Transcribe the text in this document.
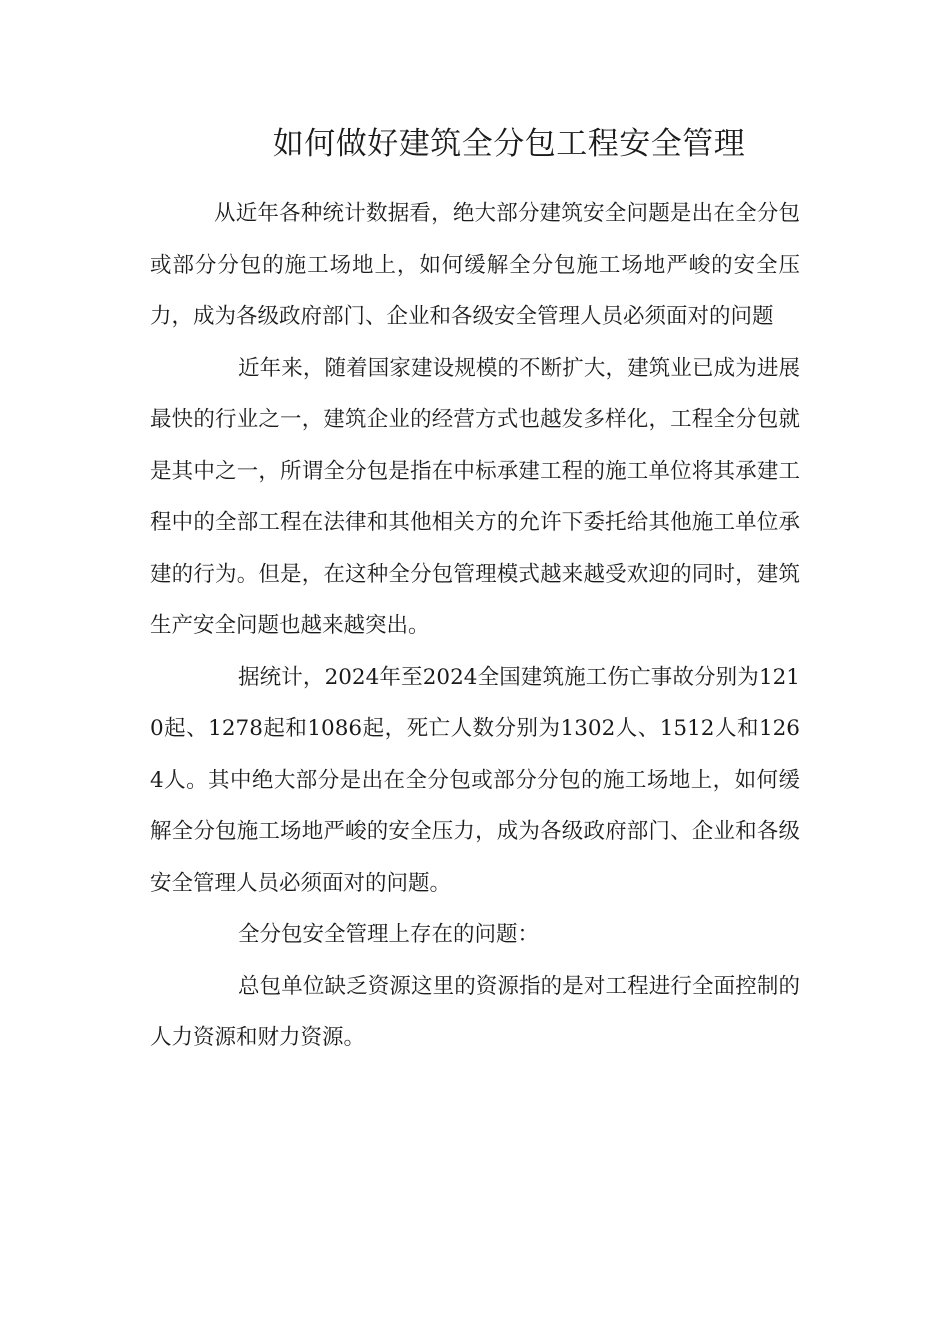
如何做好建筑全分包工程安全管理

从近年各种统计数据看，绝大部分建筑安全问题是出在全分包或部分分包的施工场地上，如何缓解全分包施工场地严峻的安全压力，成为各级政府部门、企业和各级安全管理人员必须面对的问题

近年来，随着国家建设规模的不断扩大，建筑业已成为进展最快的行业之一，建筑企业的经营方式也越发多样化，工程全分包就是其中之一，所谓全分包是指在中标承建工程的施工单位将其承建工程中的全部工程在法律和其他相关方的允许下委托给其他施工单位承建的行为。但是，在这种全分包管理模式越来越受欢迎的同时，建筑生产安全问题也越来越突出。

据统计，2024年至2024全国建筑施工伤亡事故分别为1210起、1278起和1086起，死亡人数分别为1302人、1512人和1264人。其中绝大部分是出在全分包或部分分包的施工场地上，如何缓解全分包施工场地严峻的安全压力，成为各级政府部门、企业和各级安全管理人员必须面对的问题。

全分包安全管理上存在的问题：

总包单位缺乏资源这里的资源指的是对工程进行全面控制的人力资源和财力资源。
